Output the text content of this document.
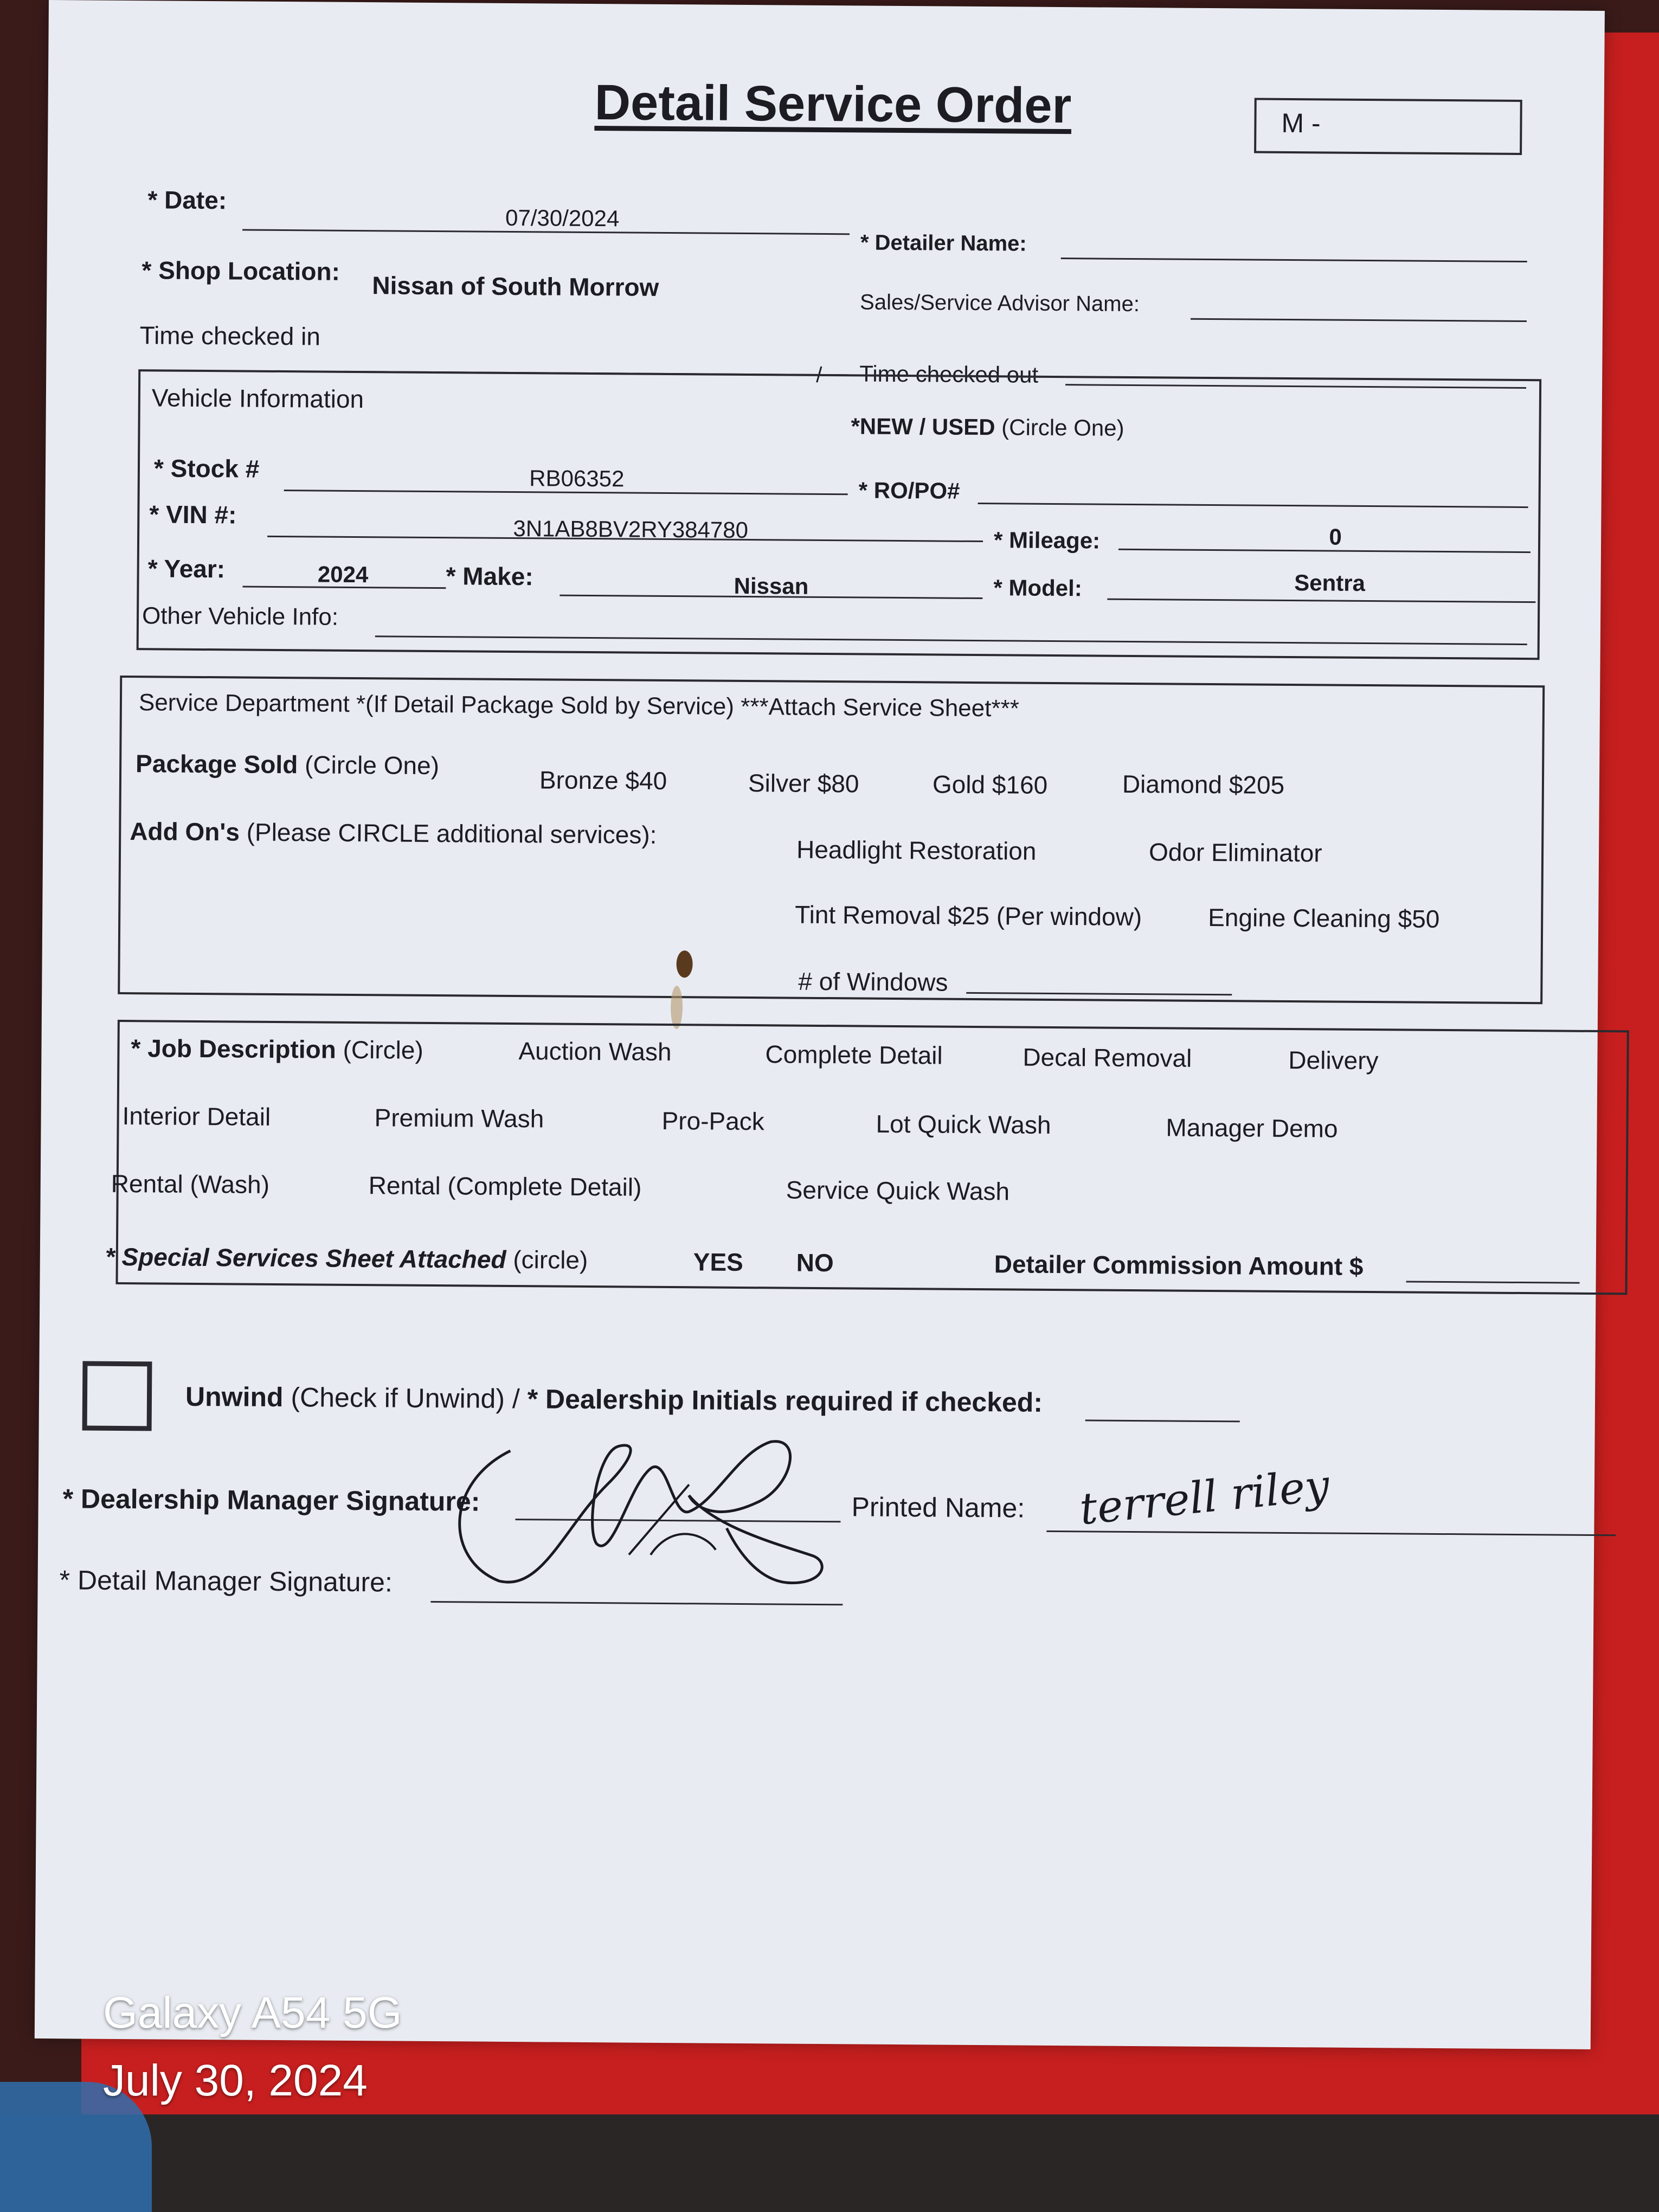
Detail Service Order	M -
* Date:
07/30/2024
* Detailer Name:
* Shop Location:
Nissan of South Morrow
Sales/Service Advisor Name:
Time checked in
/ Time checked out
Vehicle Information
*NEW / USED (Circle One)
* Stock #	RB06352	* RO/PO#
* VIN #:
3N1AB8BV2RY384780	* Mileage:	0
* Year:	2024	* Make:	Nissan	* Model:	Sentra
Other Vehicle Info:
Service Department *(If Detail Package Sold by Service) ***Attach Service Sheet***
Package Sold (Circle One)
Bronze $40	Silver $80	Gold $160	Diamond $205
Add On's (Please CIRCLE additional services):
Headlight Restoration	Odor Eliminator
Tint Removal $25 (Per window)	Engine Cleaning $50
# of Windows
* Job Description (Circle)	Auction Wash	Complete Detail	Decal Removal	Delivery
Interior Detail	Premium Wash	Pro-Pack	Lot Quick Wash	Manager Demo
Rental (Wash)	Rental (Complete Detail)	Service Quick Wash
* Special Services Sheet Attached (circle)	YES NO	Detailer Commission Amount $
Unwind (Check if Unwind) / * Dealership Initials required if checked:
* Dealership Manager Signature:	Printed Name: terrell riley
* Detail Manager Signature:
Galaxy A54 5G
July 30, 2024
